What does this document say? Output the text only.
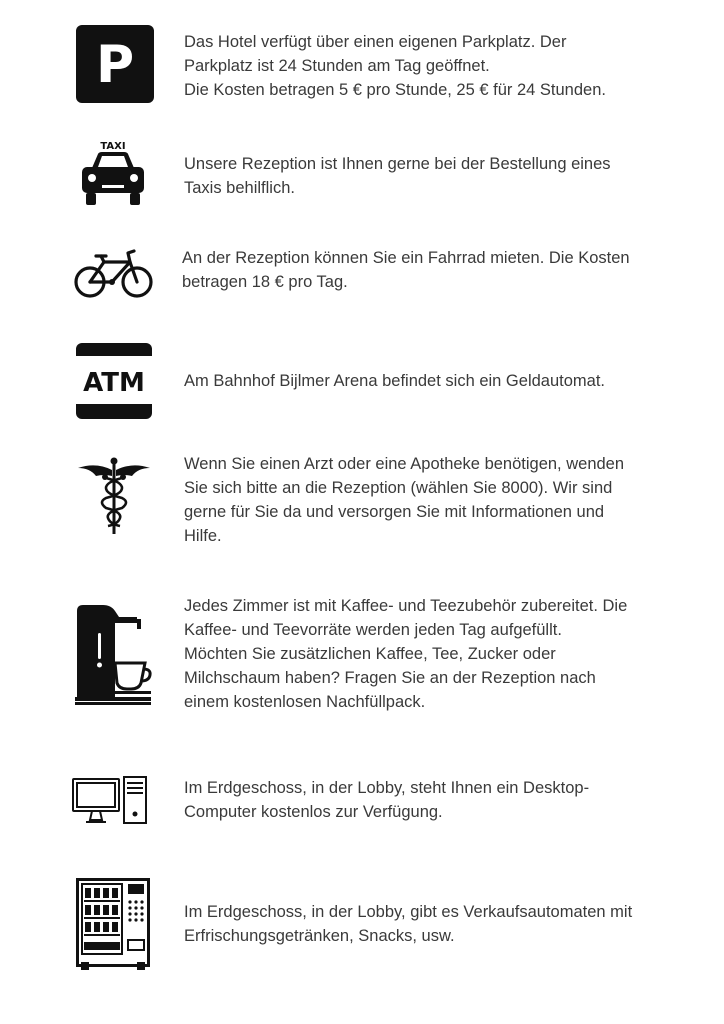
P	Das Hotel verfügt über einen eigenen Parkplatz. Der
Parkplatz ist 24 Stunden am Tag geöffnet.
Die Kosten betragen 5 € pro Stunde, 25 € für 24 Stunden.

TAXI

Unsere Rezeption ist Ihnen gerne bei der Bestellung eines
Taxis behilflich.

An der Rezeption können Sie ein Fahrrad mieten. Die Kosten
betragen 18 € pro Tag.

ATM Am Bahnhof Bijlmer Arena befindet sich ein Geldautomat.

Wenn Sie einen Arzt oder eine Apotheke benötigen, wenden
Sie sich bitte an die Rezeption (wählen Sie 8000). Wir sind
gerne für Sie da und versorgen Sie mit Informationen und
Hilfe.

Jedes Zimmer ist mit Kaffee- und Teezubehör zubereitet. Die
Kaffee- und Teevorräte werden jeden Tag aufgefüllt.
Möchten Sie zusätzlichen Kaffee, Tee, Zucker oder
Milchschaum haben? Fragen Sie an der Rezeption nach
einem kostenlosen Nachfüllpack.

Im Erdgeschoss, in der Lobby, steht Ihnen ein Desktop-
Computer kostenlos zur Verfügung.

Im Erdgeschoss, in der Lobby, gibt es Verkaufsautomaten mit
Erfrischungsgetränken, Snacks, usw.
